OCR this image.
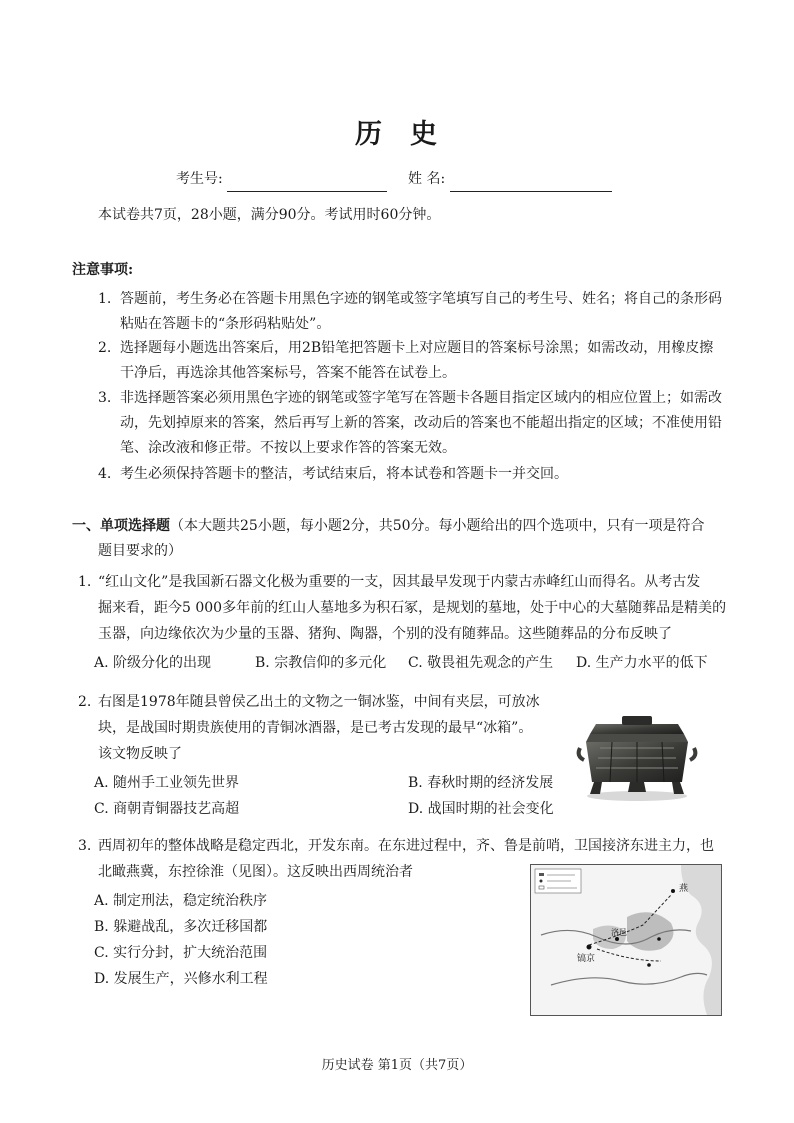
历 史
考生号:	姓 名:
本试卷共7页，28小题，满分90分。考试用时60分钟。
注意事项:
1. 答题前，考生务必在答题卡用黑色字迹的钢笔或签字笔填写自己的考生号、姓名；将自己的条形码
粘贴在答题卡的“条形码粘贴处”。
2. 选择题每小题选出答案后，用2B铅笔把答题卡上对应题目的答案标号涂黑；如需改动，用橡皮擦
干净后，再选涂其他答案标号，答案不能答在试卷上。
3. 非选择题答案必须用黑色字迹的钢笔或签字笔写在答题卡各题目指定区域内的相应位置上；如需改
动，先划掉原来的答案，然后再写上新的答案，改动后的答案也不能超出指定的区域；不准使用铅
笔、涂改液和修正带。不按以上要求作答的答案无效。
4. 考生必须保持答题卡的整洁，考试结束后，将本试卷和答题卡一并交回。
一、单项选择题（本大题共25小题，每小题2分，共50分。每小题给出的四个选项中，只有一项是符合
题目要求的）
1. “红山文化”是我国新石器文化极为重要的一支，因其最早发现于内蒙古赤峰红山而得名。从考古发
掘来看，距今5 000多年前的红山人墓地多为积石冢，是规划的墓地，处于中心的大墓随葬品是精美的
玉器，向边缘依次为少量的玉器、猪狗、陶器，个别的没有随葬品。这些随葬品的分布反映了
A. 阶级分化的出现	B. 宗教信仰的多元化 C. 敬畏祖先观念的产生 D. 生产力水平的低下
2. 右图是1978年随县曾侯乙出土的文物之一铜冰鉴，中间有夹层，可放冰
块，是战国时期贵族使用的青铜冰酒器，是已考古发现的最早“冰箱”。
该文物反映了
A. 随州手工业领先世界	B. 春秋时期的经济发展
C. 商朝青铜器技艺高超	D. 战国时期的社会变化
3. 西周初年的整体战略是稳定西北，开发东南。在东进过程中，齐、鲁是前哨，卫国接济东进主力，也
北瞰燕冀，东控徐淮（见图）。这反映出西周统治者
A. 制定刑法，稳定统治秩序
B. 躲避战乱，多次迁移国都
C. 实行分封，扩大统治范围
D. 发展生产，兴修水利工程
镐京
燕
洛邑
历史试卷 第1页（共7页）
